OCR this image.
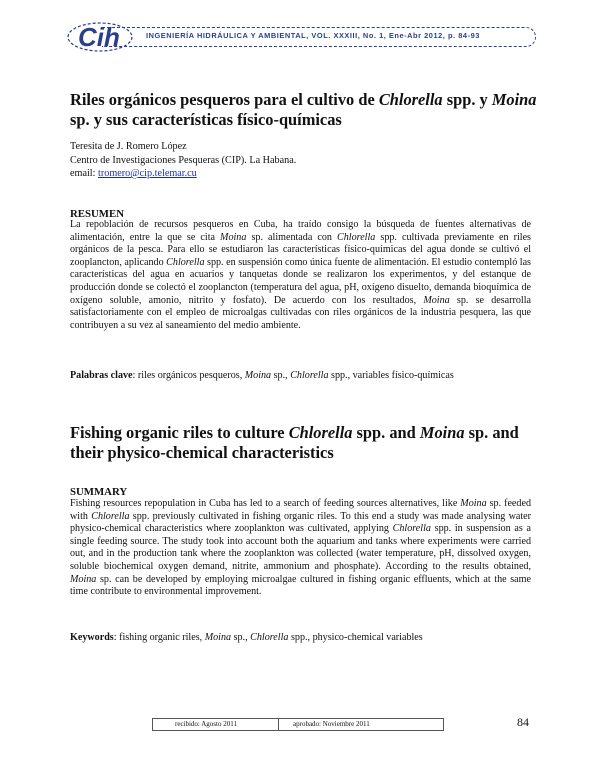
Cih	INGENIERÍA HIDRÁULICA Y AMBIENTAL, VOL. XXXIII, No. 1, Ene-Abr 2012, p. 84-93
Riles orgánicos pesqueros para el cultivo de Chlorella spp. y Moina sp. y sus características físico-químicas
Teresita de J. Romero López
Centro de Investigaciones Pesqueras (CIP). La Habana.
email: tromero@cip.telemar.cu
RESUMEN
La repoblación de recursos pesqueros en Cuba, ha traído consigo la búsqueda de fuentes alternativas de alimentación, entre la que se cita Moina sp. alimentada con Chlorella spp. cultivada previamente en riles orgánicos de la pesca. Para ello se estudiaron las características físico-químicas del agua donde se cultivó el zooplancton, aplicando Chlorella spp. en suspensión como única fuente de alimentación. El estudio contempló las características del agua en acuarios y tanquetas donde se realizaron los experimentos, y del estanque de producción donde se colectó el zooplancton (temperatura del agua, pH, oxígeno disuelto, demanda bioquímica de oxígeno soluble, amonio, nitrito y fosfato). De acuerdo con los resultados, Moina sp. se desarrolla satisfactoriamente con el empleo de microalgas cultivadas con riles orgánicos de la industria pesquera, las que contribuyen a su vez al saneamiento del medio ambiente.
Palabras clave: riles orgánicos pesqueros, Moina sp., Chlorella spp., variables físico-químicas
Fishing organic riles to culture Chlorella spp. and Moina sp. and their physico-chemical characteristics
SUMMARY
Fishing resources repopulation in Cuba has led to a search of feeding sources alternatives, like Moina sp. feeded with Chlorella spp. previously cultivated in fishing organic riles. To this end a study was made analysing water physico-chemical characteristics where zooplankton was cultivated, applying Chlorella spp. in suspension as a single feeding source. The study took into account both the aquarium and tanks where experiments were carried out, and in the production tank where the zooplankton was collected (water temperature, pH, dissolved oxygen, soluble biochemical oxygen demand, nitrite, ammonium and phosphate). According to the results obtained, Moina sp. can be developed by employing microalgae cultured in fishing organic effluents, which at the same time contribute to environmental improvement.
Keywords: fishing organic riles, Moina sp., Chlorella spp., physico-chemical variables
recibido: Agosto 2011	aprobado: Noviembre 2011	84
